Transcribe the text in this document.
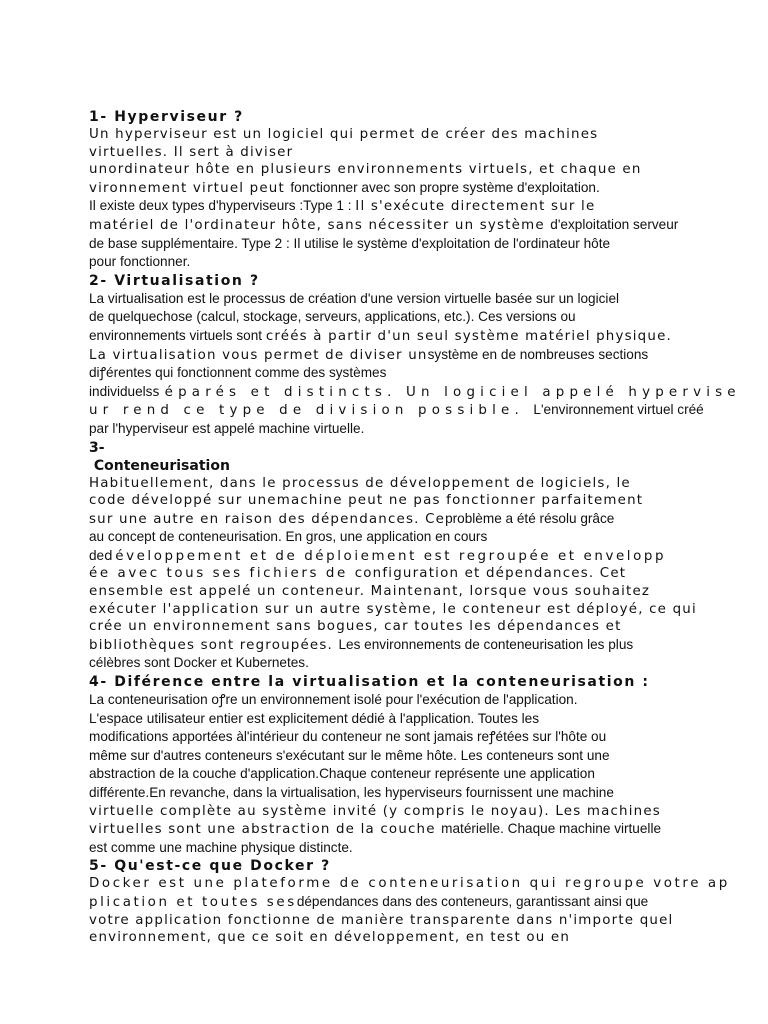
1- Hyperviseur ?
Un hyperviseur est un logiciel qui permet de créer des machines
virtuelles. Il sert à diviser
unordinateur hôte en plusieurs environnements virtuels, et chaque en
vironnement virtuel peut fonctionner avec son propre système d'exploitation.
Il existe deux types d'hyperviseurs :Type 1 : Il s'exécute directement sur le
matériel de l'ordinateur hôte, sans nécessiter un système d'exploitation serveur
de base supplémentaire. Type 2 : Il utilise le système d'exploitation de l'ordinateur hôte
pour fonctionner.
2- Virtualisation ?
La virtualisation est le processus de création d'une version virtuelle basée sur un logiciel
de quelquechose (calcul, stockage, serveurs, applications, etc.). Ces versions ou
environnements virtuels sont créés à partir d'un seul système matériel physique.
La virtualisation vous permet de diviser unsystème en de nombreuses sections
diꝭérentes qui fonctionnent comme des systèmes
individuelsséparés et distincts. Un logiciel appelé hypervise
ur rend ce type de division possible. L'environnement virtuel créé
par l'hyperviseur est appelé machine virtuelle.
3-
Conteneurisation
Habituellement, dans le processus de développement de logiciels, le
code développé sur unemachine peut ne pas fonctionner parfaitement
sur une autre en raison des dépendances. Ceproblème a été résolu grâce
au concept de conteneurisation. En gros, une application en cours
dedéveloppement et de déploiement est regroupée et envelopp
ée avec tous ses fichiers de configuration et dépendances. Cet
ensemble est appelé un conteneur. Maintenant, lorsque vous souhaitez
exécuter l'application sur un autre système, le conteneur est déployé, ce qui
crée un environnement sans bogues, car toutes les dépendances et
bibliothèques sont regroupées. Les environnements de conteneurisation les plus
célèbres sont Docker et Kubernetes.
4- Diférence entre la virtualisation et la conteneurisation :
La conteneurisation oꝭre un environnement isolé pour l'exécution de l'application.
L'espace utilisateur entier est explicitement dédié à l'application. Toutes les
modifications apportées àl'intérieur du conteneur ne sont jamais reꝭétées sur l'hôte ou
même sur d'autres conteneurs s'exécutant sur le même hôte. Les conteneurs sont une
abstraction de la couche d'application.Chaque conteneur représente une application
différente.En revanche, dans la virtualisation, les hyperviseurs fournissent une machine
virtuelle complète au système invité (y compris le noyau). Les machines
virtuelles sont une abstraction de la couche matérielle. Chaque machine virtuelle
est comme une machine physique distincte.
5- Qu'est-ce que Docker ?
Docker est une plateforme de conteneurisation qui regroupe votre ap
plication et toutes sesdépendances dans des conteneurs, garantissant ainsi que
votre application fonctionne de manière transparente dans n'importe quel
environnement, que ce soit en développement, en test ou en
